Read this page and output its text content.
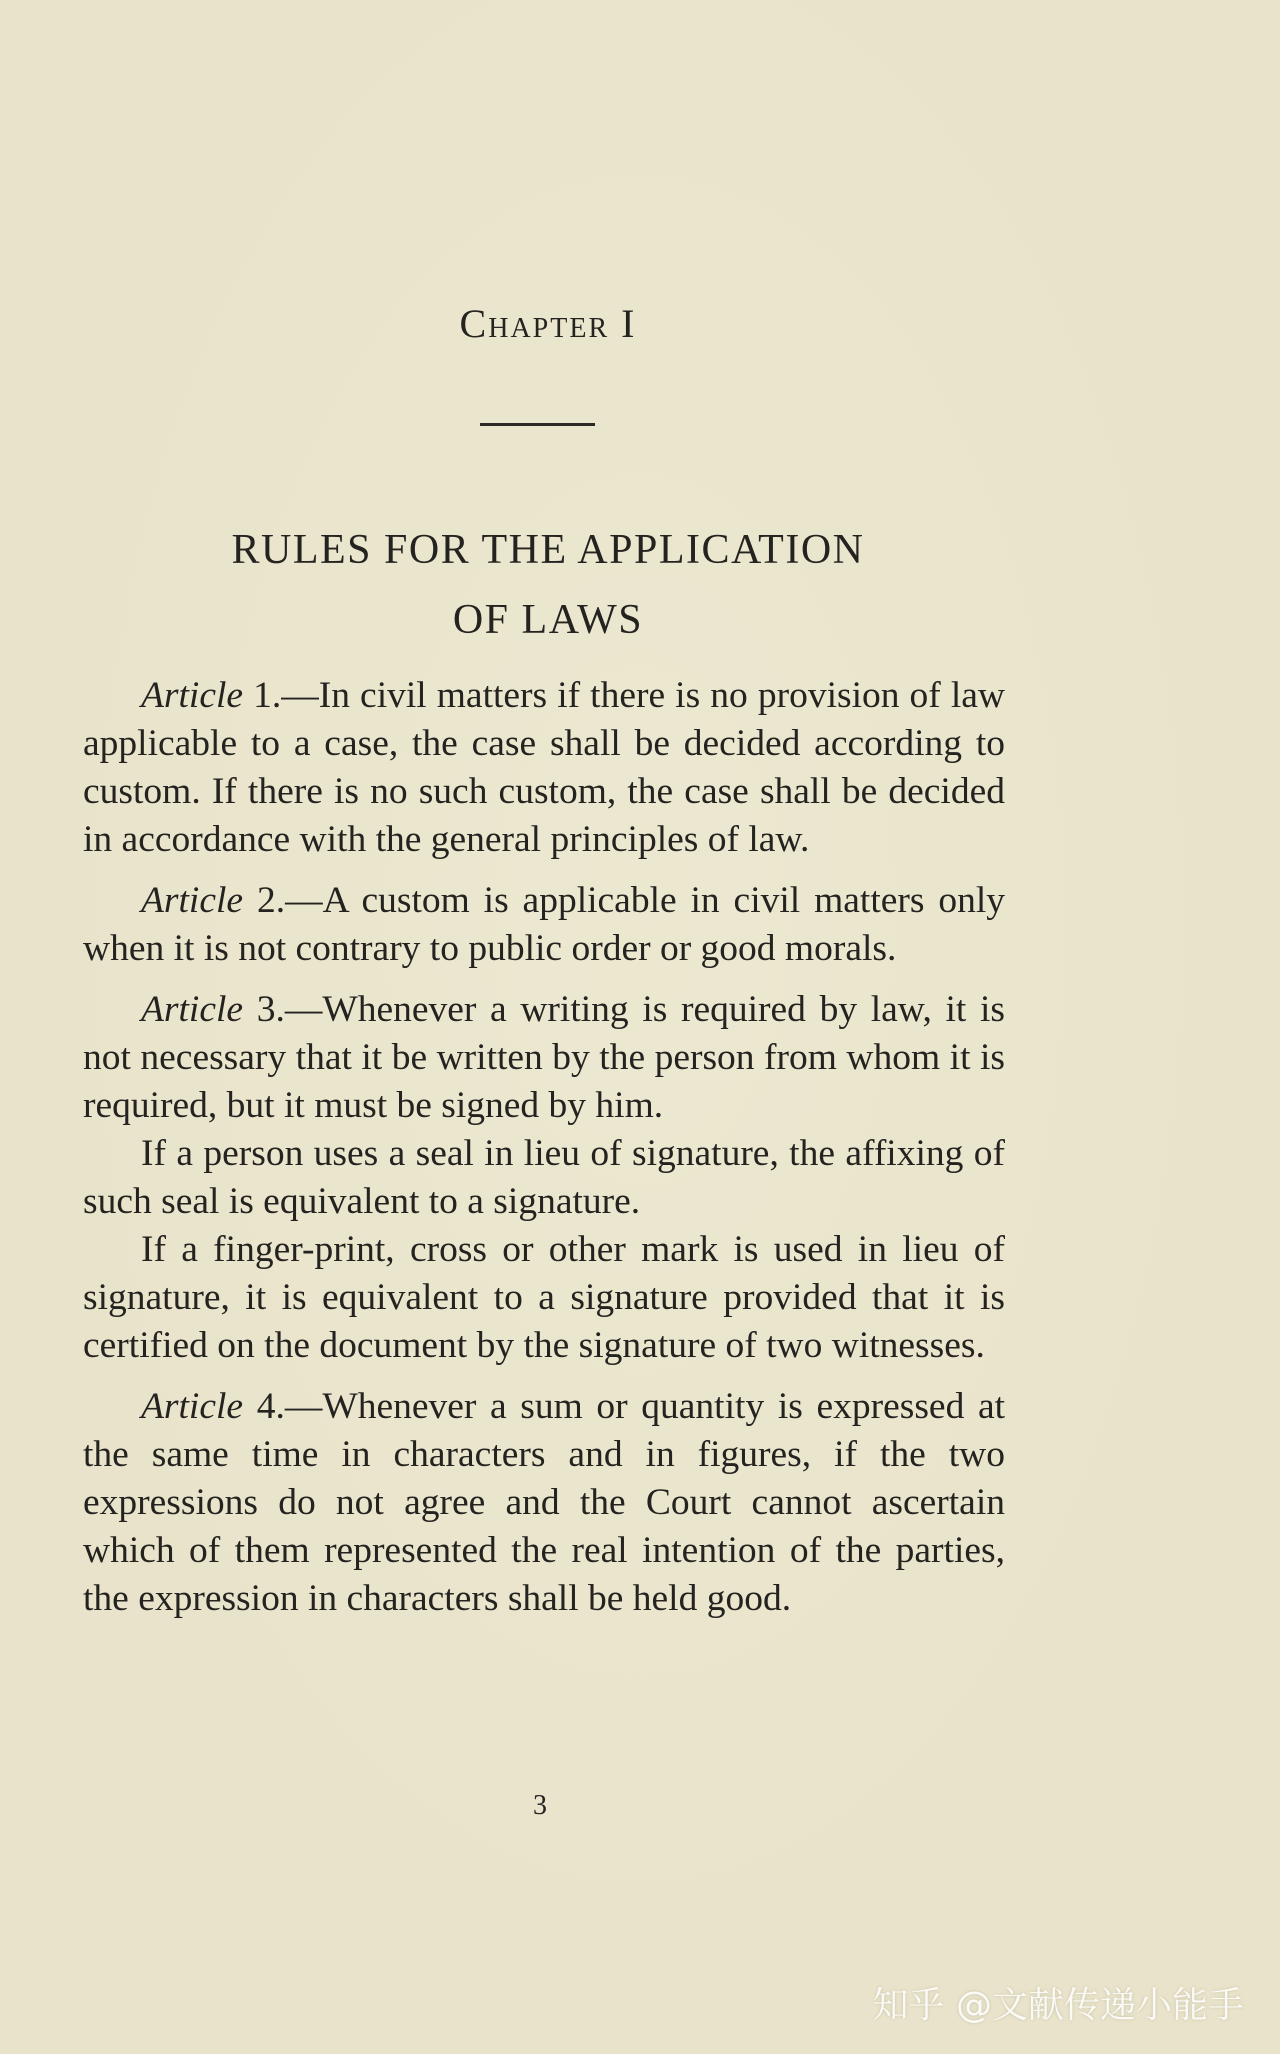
Chapter I
RULES FOR THE APPLICATION
OF LAWS

Article 1.—In civil matters if there is no provision of law applicable to a case, the case shall be decided according to custom. If there is no such custom, the case shall be decided in accordance with the general principles of law.

Article 2.—A custom is applicable in civil matters only when it is not contrary to public order or good morals.

Article 3.—Whenever a writing is required by law, it is not necessary that it be written by the person from whom it is required, but it must be signed by him.

If a person uses a seal in lieu of signature, the affixing of such seal is equivalent to a signature.

If a finger-print, cross or other mark is used in lieu of signature, it is equivalent to a signature provided that it is certified on the document by the signature of two witnesses.

Article 4.—Whenever a sum or quantity is expressed at the same time in characters and in figures, if the two expressions do not agree and the Court cannot ascertain which of them represented the real intention of the parties, the expression in characters shall be held good.

3
知乎 @文献传递小能手
